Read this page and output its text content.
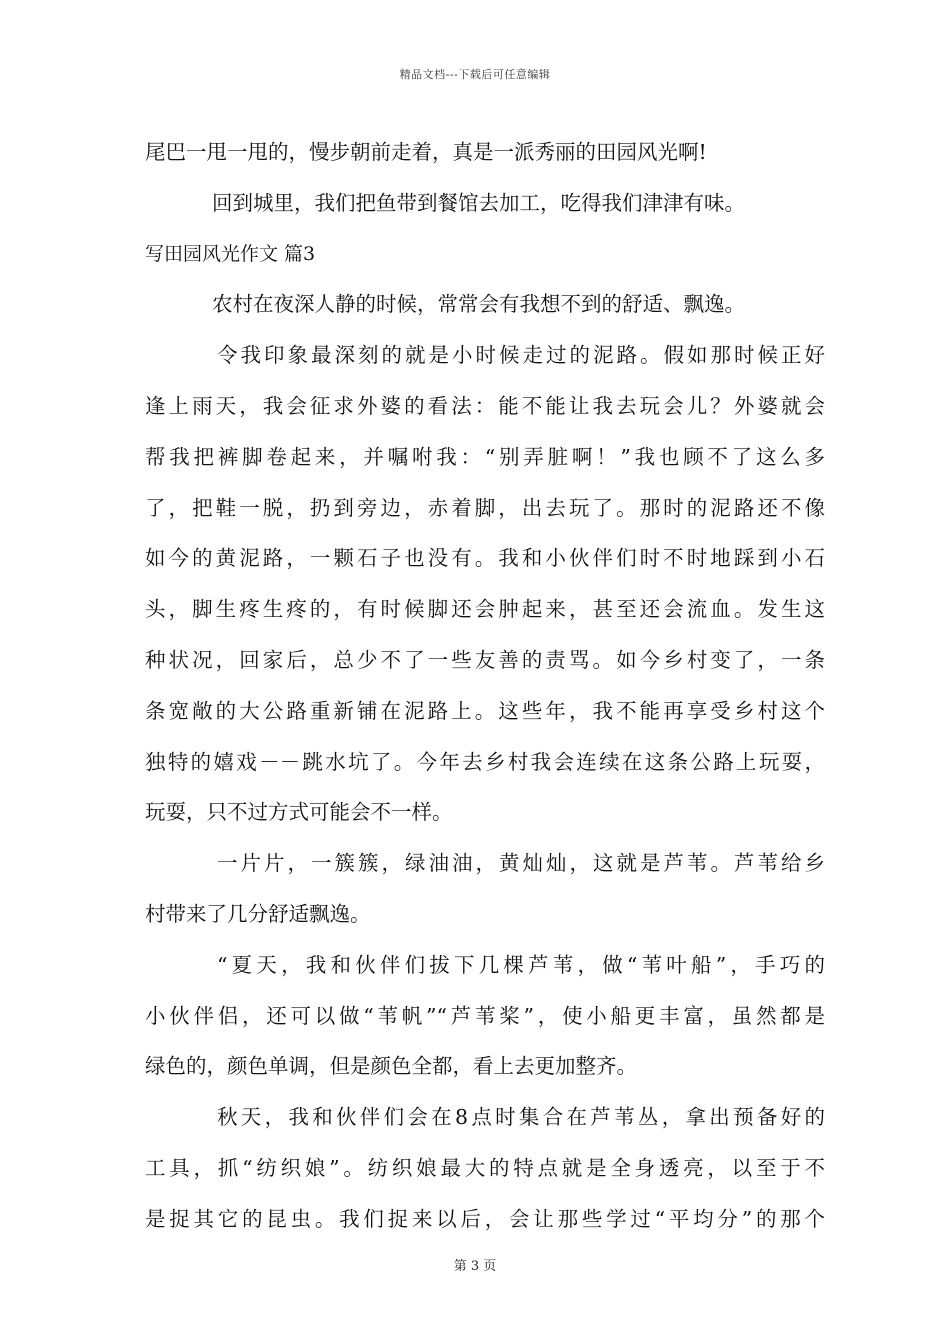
精品文档---下载后可任意编辑
尾巴一甩一甩的，慢步朝前走着，真是一派秀丽的田园风光啊!
回到城里，我们把鱼带到餐馆去加工，吃得我们津津有味。
写田园风光作文 篇3
农村在夜深人静的时候，常常会有我想不到的舒适、飘逸。
令我印象最深刻的就是小时候走过的泥路。假如那时候正好
逢上雨天，我会征求外婆的看法：能不能让我去玩会儿？外婆就会
帮我把裤脚卷起来，并嘱咐我：“别弄脏啊！”我也顾不了这么多
了，把鞋一脱，扔到旁边，赤着脚，出去玩了。那时的泥路还不像
如今的黄泥路，一颗石子也没有。我和小伙伴们时不时地踩到小石
头，脚生疼生疼的，有时候脚还会肿起来，甚至还会流血。发生这
种状况，回家后，总少不了一些友善的责骂。如今乡村变了，一条
条宽敞的大公路重新铺在泥路上。这些年，我不能再享受乡村这个
独特的嬉戏－－跳水坑了。今年去乡村我会连续在这条公路上玩耍，
玩耍，只不过方式可能会不一样。
一片片，一簇簇，绿油油，黄灿灿，这就是芦苇。芦苇给乡
村带来了几分舒适飘逸。
“夏天，我和伙伴们拔下几棵芦苇，做“苇叶船”，手巧的
小伙伴侣，还可以做“苇帆”“芦苇桨”，使小船更丰富，虽然都是
绿色的，颜色单调，但是颜色全都，看上去更加整齐。
秋天，我和伙伴们会在8点时集合在芦苇丛，拿出预备好的
工具，抓“纺织娘”。纺织娘最大的特点就是全身透亮，以至于不
是捉其它的昆虫。我们捉来以后，会让那些学过“平均分”的那个
第 3 页
